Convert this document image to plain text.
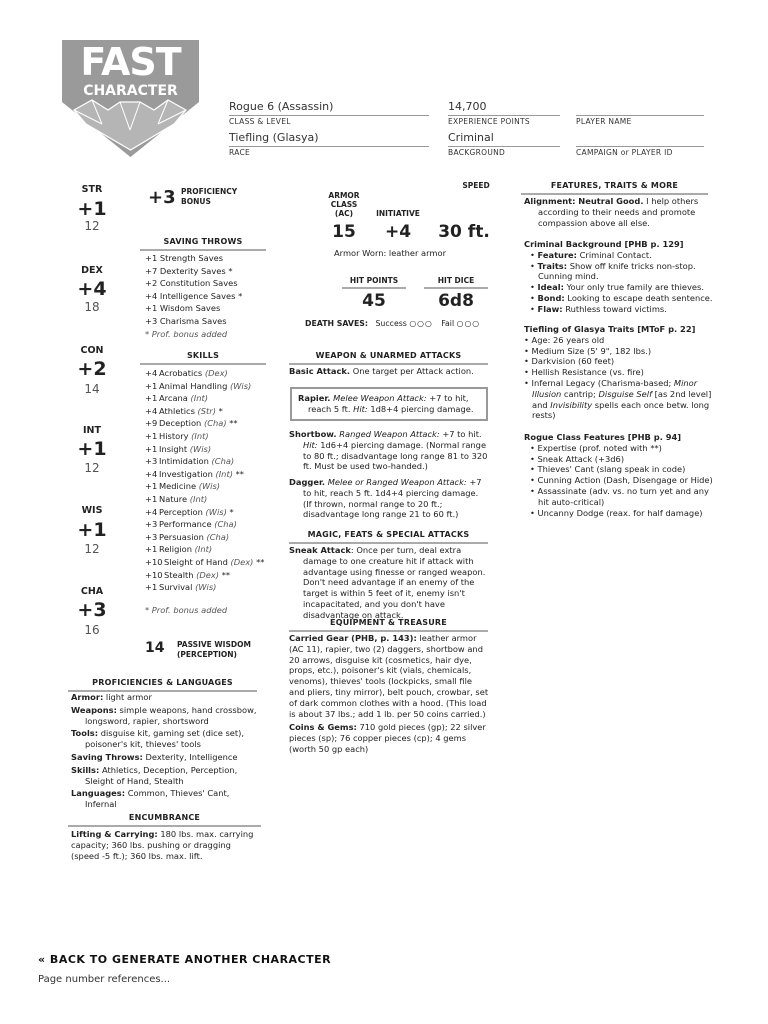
FAST
CHARACTER
Rogue 6 (Assassin)
CLASS & LEVEL
14,700
EXPERIENCE POINTS	PLAYER NAME
Tiefling (Glasya)
RACE
Criminal
BACKGROUND	CAMPAIGN or PLAYER ID
STR
+1
12
DEX
+4
18
CON
+2
14
INT
+1
12
WIS
+1
12
CHA
+3
16
+3 PROFICIENCY
BONUS
SAVING THROWS
+1 Strength Saves
+7 Dexterity Saves *
+2 Constitution Saves
+4 Intelligence Saves *
+1 Wisdom Saves
+3 Charisma Saves
* Prof. bonus added
SKILLS
+4 Acrobatics (Dex)
+1 Animal Handling (Wis)
+1 Arcana (Int)
+4 Athletics (Str) *
+9 Deception (Cha) **
+1 History (Int)
+1 Insight (Wis)
+3 Intimidation (Cha)
+4 Investigation (Int) **
+1 Medicine (Wis)
+1 Nature (Int)
+4 Perception (Wis) *
+3 Performance (Cha)
+3 Persuasion (Cha)
+1 Religion (Int)
+10Sleight of Hand (Dex) **
+10Stealth (Dex) **
+1 Survival (Wis)
* Prof. bonus added
14 PASSIVE WISDOM
(PERCEPTION)
PROFICIENCIES & LANGUAGES
Armor: light armor
Weapons: simple weapons, hand crossbow, longsword, rapier, shortsword
Tools: disguise kit, gaming set (dice set), poisoner's kit, thieves' tools
Saving Throws: Dexterity, Intelligence
Skills: Athletics, Deception, Perception, Sleight of Hand, Stealth
Languages: Common, Thieves' Cant, Infernal
ENCUMBRANCE
Lifting & Carrying: 180 lbs. max. carrying capacity; 360 lbs. pushing or dragging (speed -5 ft.); 360 lbs. max. lift.
ARMOR
CLASS
(AC)
15
INITIATIVE
+4
SPEED
30 ft.
Armor Worn: leather armor
HIT POINTS
45
HIT DICE
6d8
DEATH SAVES: Success ○○○ Fail ○○○
WEAPON & UNARMED ATTACKS
Basic Attack. One target per Attack action.
Rapier. Melee Weapon Attack: +7 to hit, reach 5 ft. Hit: 1d8+4 piercing damage.
Shortbow. Ranged Weapon Attack: +7 to hit. Hit: 1d6+4 piercing damage. (Normal range to 80 ft.; disadvantage long range 81 to 320 ft. Must be used two-handed.)
Dagger. Melee or Ranged Weapon Attack: +7 to hit, reach 5 ft. 1d4+4 piercing damage. (If thrown, normal range to 20 ft.; disadvantage long range 21 to 60 ft.)
MAGIC, FEATS & SPECIAL ATTACKS
Sneak Attack: Once per turn, deal extra damage to one creature hit if attack with advantage using finesse or ranged weapon. Don't need advantage if an enemy of the target is within 5 feet of it, enemy isn't incapacitated, and you don't have disadvantage on attack.
EQUIPMENT & TREASURE
Carried Gear (PHB, p. 143): leather armor (AC 11), rapier, two (2) daggers, shortbow and 20 arrows, disguise kit (cosmetics, hair dye, props, etc.), poisoner's kit (vials, chemicals, venoms), thieves' tools (lockpicks, small file and pliers, tiny mirror), belt pouch, crowbar, set of dark common clothes with a hood. (This load is about 37 lbs.; add 1 lb. per 50 coins carried.)
Coins & Gems: 710 gold pieces (gp); 22 silver pieces (sp); 76 copper pieces (cp); 4 gems (worth 50 gp each)
FEATURES, TRAITS & MORE
Alignment: Neutral Good. I help others according to their needs and promote compassion above all else.
Criminal Background [PHB p. 129]
• Feature: Criminal Contact.
• Traits: Show off knife tricks non-stop. Cunning mind.
• Ideal: Your only true family are thieves.
• Bond: Looking to escape death sentence.
• Flaw: Ruthless toward victims.
Tiefling of Glasya Traits [MToF p. 22]
• Age: 26 years old
• Medium Size (5' 9", 182 lbs.)
• Darkvision (60 feet)
• Hellish Resistance (vs. fire)
• Infernal Legacy (Charisma-based; Minor Illusion cantrip; Disguise Self [as 2nd level] and Invisibility spells each once betw. long rests)
Rogue Class Features [PHB p. 94]
• Expertise (prof. noted with **)
• Sneak Attack (+3d6)
• Thieves' Cant (slang speak in code)
• Cunning Action (Dash, Disengage or Hide)
• Assassinate (adv. vs. no turn yet and any hit auto-critical)
• Uncanny Dodge (reax. for half damage)
« BACK TO GENERATE ANOTHER CHARACTER
Page number references...
